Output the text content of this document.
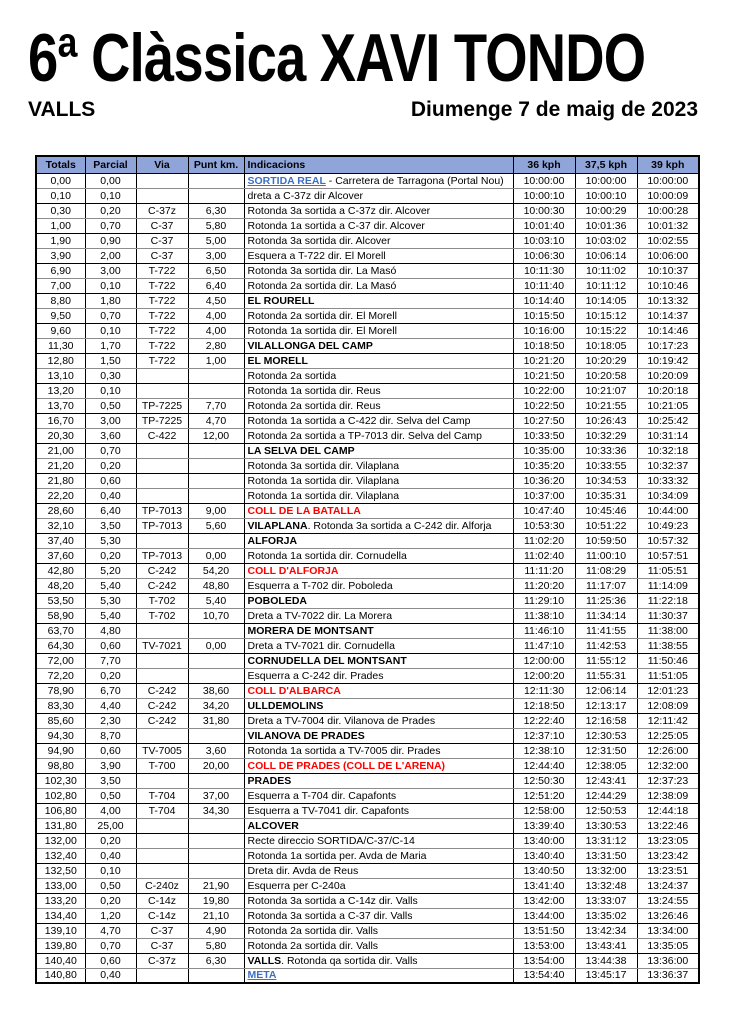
6ª Clàssica XAVI TONDO
VALLS	Diumenge 7 de maig de 2023
Totals	Parcial	Via	Punt km.	Indicacions	36 kph	37,5 kph	39 kph
0,00	0,00			SORTIDA REAL - Carretera de Tarragona (Portal Nou)	10:00:00	10:00:00	10:00:00
0,10	0,10			dreta a C-37z dir Alcover	10:00:10	10:00:10	10:00:09
0,30	0,20	C-37z	6,30	Rotonda 3a sortida a C-37z dir. Alcover	10:00:30	10:00:29	10:00:28
1,00	0,70	C-37	5,80	Rotonda 1a sortida a C-37 dir. Alcover	10:01:40	10:01:36	10:01:32
1,90	0,90	C-37	5,00	Rotonda 3a sortida dir. Alcover	10:03:10	10:03:02	10:02:55
3,90	2,00	C-37	3,00	Esquera a T-722 dir. El Morell	10:06:30	10:06:14	10:06:00
6,90	3,00	T-722	6,50	Rotonda 3a sortida dir. La Masó	10:11:30	10:11:02	10:10:37
7,00	0,10	T-722	6,40	Rotonda 2a sortida dir. La Masó	10:11:40	10:11:12	10:10:46
8,80	1,80	T-722	4,50	EL ROURELL	10:14:40	10:14:05	10:13:32
9,50	0,70	T-722	4,00	Rotonda 2a sortida dir. El Morell	10:15:50	10:15:12	10:14:37
9,60	0,10	T-722	4,00	Rotonda 1a sortida dir. El Morell	10:16:00	10:15:22	10:14:46
11,30	1,70	T-722	2,80	VILALLONGA DEL CAMP	10:18:50	10:18:05	10:17:23
12,80	1,50	T-722	1,00	EL MORELL	10:21:20	10:20:29	10:19:42
13,10	0,30			Rotonda 2a sortida	10:21:50	10:20:58	10:20:09
13,20	0,10			Rotonda 1a sortida dir. Reus	10:22:00	10:21:07	10:20:18
13,70	0,50	TP-7225	7,70	Rotonda 2a sortida dir. Reus	10:22:50	10:21:55	10:21:05
16,70	3,00	TP-7225	4,70	Rotonda 1a sortida a C-422 dir. Selva del Camp	10:27:50	10:26:43	10:25:42
20,30	3,60	C-422	12,00	Rotonda 2a sortida a TP-7013 dir. Selva del Camp	10:33:50	10:32:29	10:31:14
21,00	0,70			LA SELVA DEL CAMP	10:35:00	10:33:36	10:32:18
21,20	0,20			Rotonda 3a sortida dir. Vilaplana	10:35:20	10:33:55	10:32:37
21,80	0,60			Rotonda 1a sortida dir. Vilaplana	10:36:20	10:34:53	10:33:32
22,20	0,40			Rotonda 1a sortida dir. Vilaplana	10:37:00	10:35:31	10:34:09
28,60	6,40	TP-7013	9,00	COLL DE LA BATALLA	10:47:40	10:45:46	10:44:00
32,10	3,50	TP-7013	5,60	VILAPLANA. Rotonda 3a sortida a C-242 dir. Alforja	10:53:30	10:51:22	10:49:23
37,40	5,30			ALFORJA	11:02:20	10:59:50	10:57:32
37,60	0,20	TP-7013	0,00	Rotonda 1a sortida dir. Cornudella	11:02:40	11:00:10	10:57:51
42,80	5,20	C-242	54,20	COLL D'ALFORJA	11:11:20	11:08:29	11:05:51
48,20	5,40	C-242	48,80	Esquerra a T-702 dir. Poboleda	11:20:20	11:17:07	11:14:09
53,50	5,30	T-702	5,40	POBOLEDA	11:29:10	11:25:36	11:22:18
58,90	5,40	T-702	10,70	Dreta a TV-7022 dir. La Morera	11:38:10	11:34:14	11:30:37
63,70	4,80			MORERA DE MONTSANT	11:46:10	11:41:55	11:38:00
64,30	0,60	TV-7021	0,00	Dreta a TV-7021 dir. Cornudella	11:47:10	11:42:53	11:38:55
72,00	7,70			CORNUDELLA DEL MONTSANT	12:00:00	11:55:12	11:50:46
72,20	0,20			Esquerra a C-242 dir. Prades	12:00:20	11:55:31	11:51:05
78,90	6,70	C-242	38,60	COLL D'ALBARCA	12:11:30	12:06:14	12:01:23
83,30	4,40	C-242	34,20	ULLDEMOLINS	12:18:50	12:13:17	12:08:09
85,60	2,30	C-242	31,80	Dreta a TV-7004 dir. Vilanova de Prades	12:22:40	12:16:58	12:11:42
94,30	8,70			VILANOVA DE PRADES	12:37:10	12:30:53	12:25:05
94,90	0,60	TV-7005	3,60	Rotonda 1a sortida a TV-7005 dir. Prades	12:38:10	12:31:50	12:26:00
98,80	3,90	T-700	20,00	COLL DE PRADES (COLL DE L'ARENA)	12:44:40	12:38:05	12:32:00
102,30	3,50			PRADES	12:50:30	12:43:41	12:37:23
102,80	0,50	T-704	37,00	Esquerra a T-704 dir. Capafonts	12:51:20	12:44:29	12:38:09
106,80	4,00	T-704	34,30	Esquerra a TV-7041 dir. Capafonts	12:58:00	12:50:53	12:44:18
131,80	25,00			ALCOVER	13:39:40	13:30:53	13:22:46
132,00	0,20			Recte direccio SORTIDA/C-37/C-14	13:40:00	13:31:12	13:23:05
132,40	0,40			Rotonda 1a sortida per. Avda de Maria	13:40:40	13:31:50	13:23:42
132,50	0,10			Dreta dir. Avda de Reus	13:40:50	13:32:00	13:23:51
133,00	0,50	C-240z	21,90	Esquerra per C-240a	13:41:40	13:32:48	13:24:37
133,20	0,20	C-14z	19,80	Rotonda 3a sortida a C-14z dir. Valls	13:42:00	13:33:07	13:24:55
134,40	1,20	C-14z	21,10	Rotonda 3a sortida a C-37 dir. Valls	13:44:00	13:35:02	13:26:46
139,10	4,70	C-37	4,90	Rotonda 2a sortida dir. Valls	13:51:50	13:42:34	13:34:00
139,80	0,70	C-37	5,80	Rotonda 2a sortida dir. Valls	13:53:00	13:43:41	13:35:05
140,40	0,60	C-37z	6,30	VALLS. Rotonda qa sortida dir. Valls	13:54:00	13:44:38	13:36:00
140,80	0,40			META	13:54:40	13:45:17	13:36:37
